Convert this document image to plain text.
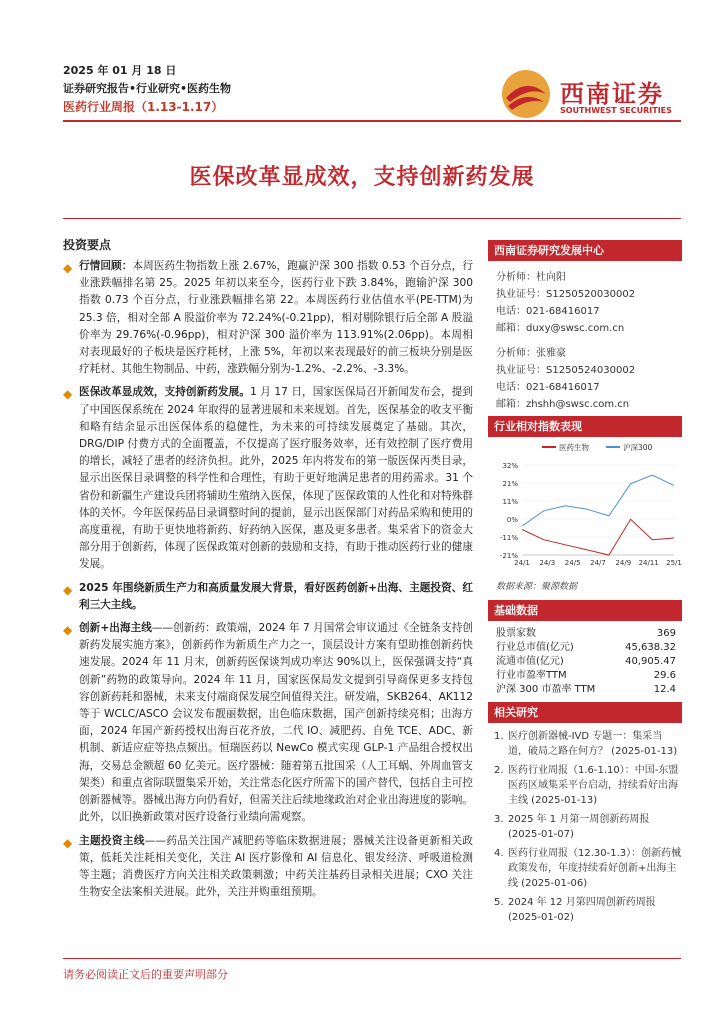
2025 年 01 月 18 日
证券研究报告•行业研究•医药生物
医药行业周报（1.13-1.17）	西南证券
SOUTHWEST SECURITIES
医保改革显成效，支持创新药发展
投资要点

◆ 行情回顾：本周医药生物指数上涨 2.67%，跑赢沪深 300 指数 0.53 个百分点，行业涨跌幅排名第 25。2025 年初以来至今，医药行业下跌 3.84%，跑输沪深 300 指数 0.73 个百分点，行业涨跌幅排名第 22。本周医药行业估值水平(PE-TTM)为 25.3 倍，相对全部 A 股溢价率为 72.24%(-0.21pp)，相对剔除银行后全部 A 股溢价率为 29.76%(-0.96pp)，相对沪深 300 溢价率为 113.91%(2.06pp)。本周相对表现最好的子板块是医疗耗材，上涨 5%，年初以来表现最好的前三板块分别是医疗耗材、其他生物制品、中药，涨跌幅分别为-1.2%、-2.2%、-3.3%。

◆ 医保改革显成效，支持创新药发展。1 月 17 日，国家医保局召开新闻发布会，提到了中国医保系统在 2024 年取得的显著进展和未来规划。首先，医保基金的收支平衡和略有结余显示出医保体系的稳健性，为未来的可持续发展奠定了基础。其次，DRG/DIP 付费方式的全面覆盖，不仅提高了医疗服务效率，还有效控制了医疗费用的增长，减轻了患者的经济负担。此外，2025 年内将发布的第一版医保丙类目录，显示出医保目录调整的科学性和合理性，有助于更好地满足患者的用药需求。31 个省份和新疆生产建设兵团将辅助生殖纳入医保，体现了医保政策的人性化和对特殊群体的关怀。今年医保药品目录调整时间的提前，显示出医保部门对药品采购和使用的高度重视，有助于更快地将新药、好药纳入医保，惠及更多患者。集采省下的资金大部分用于创新药，体现了医保政策对创新的鼓励和支持，有助于推动医药行业的健康发展。

◆ 2025 年围绕新质生产力和高质量发展大背景，看好医药创新+出海、主题投资、红利三大主线。

◆ 创新+出海主线——创新药：政策端，2024 年 7 月国常会审议通过《全链条支持创新药发展实施方案》，创新药作为新质生产力之一，顶层设计方案有望助推创新药快速发展。2024 年 11 月末，创新药医保谈判成功率达 90%以上，医保强调支持“真创新”药物的政策导向。2024 年 11 月，国家医保局发文提到引导商保更多支持包容创新药耗和器械，未来支付端商保发展空间值得关注。研发端，SKB264、AK112 等于 WCLC/ASCO 会议发布靓丽数据，出色临床数据，国产创新持续亮相；出海方面，2024 年国产新药授权出海百花齐放，二代 IO、减肥药、自免 TCE、ADC、新机制、新适应症等热点频出。恒瑞医药以 NewCo 模式实现 GLP-1 产品组合授权出海，交易总金额超 60 亿美元。医疗器械：随着第五批国采（人工耳蜗、外周血管支架类）和重点省际联盟集采开始，关注常态化医疗所需下的国产替代，包括自主可控创新器械等。器械出海方向仍看好，但需关注后续地缘政治对企业出海进度的影响。此外，以旧换新政策对医疗设备行业绩向需观察。

◆ 主题投资主线——药品关注国产减肥药等临床数据进展；器械关注设备更新相关政策，低耗关注耗相关变化，关注 AI 医疗影像和 AI 信息化、银发经济、呼吸道检测等主题；消费医疗方向关注相关政策刺激；中药关注基药目录相关进展；CXO 关注生物安全法案相关进展。此外，关注并购重组预期。

西南证券研究发展中心
分析师：杜向阳
执业证号：S1250520030002
电话：021-68416017
邮箱：duxy@swsc.com.cn
分析师：张雅豪
执业证号：S1250524030002
电话：021-68416017
邮箱：zhshh@swsc.com.cn
行业相对指数表现
32%
21%
11%
0%
-11%
-21%
24/1 24/3 24/5 24/7 24/9 24/11 25/1
医药生物	沪深300
数据来源：聚源数据
基础数据
股票家数	369
行业总市值(亿元)	45,638.32
流通市值(亿元)	40,905.47
行业市盈率TTM	29.6
沪深 300 市盈率 TTM	12.4
相关研究
1. 医疗创新器械-IVD 专题一：集采当道，破局之路在何方？ (2025-01-13)
2. 医药行业周报（1.6-1.10）：中国-东盟医药区域集采平台启动，持续看好出海主线 (2025-01-13)
3. 2025 年 1 月第一周创新药周报 (2025-01-07)
4. 医药行业周报（12.30-1.3）：创新药械政策发布，年度持续看好创新+出海主线 (2025-01-06)
5. 2024 年 12 月第四周创新药周报 (2025-01-02)
请务必阅读正文后的重要声明部分
